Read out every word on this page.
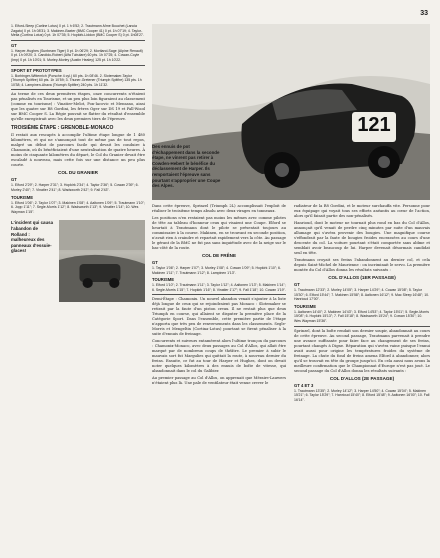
33
1. Elford-Sleep (Carline Lotus) 0 pt. 1 h 6'52; 2. Trautmann-Mme Bouchet (Lancia Zagato) 0 pt. 1h 08'31; 3. Makinen-Baxter (BMC Cooper 41) 0 pt. 1h 07'19; 4. Taylor-Melia (Cortina Lotus) 0 pt. 1h 07'35; 5. Hopkirk-Liddon (BMC Cooper S) 0 pt. 1h08'27.
GT
1. Harper-Hughes (Sunbeam Tiger) 0 pt. 1h 06'29; 2. Mortland-Sage (Alpine Renault) 0 pt. 1h 09'20; 3. Candido-Robert (Alfa Tubulare) 60 pts. 1h 07'25; 4. Cowan-Coyle (Imp) 0 pt. 1h 10'01; 5. Morley-Morley (Austin Healey) 125 pt. 1h 10'22.
SPORT ET PROTOTYPES
1. Borbinger-Wittenrich (Porsche 4 cyl.) 60 pts. 1h 08'46. 2. Slotemaker-Taylor (Triumph Spitfire) 60 pts. 1h 10'59; 3. Thuner-Gretener (Triumph Spitfire) 135 pts. 1h 10'38; 4. Lampinen-Ahava (Triumph Spitfire) 240 pts. 1h 11'32.

Au terme de ces deux premières étapes, onze concurrents n'étaient pas pénalisés en Tourisme, et un peu plus loin figuraient au classement (comme en tourisme) : Vinatier-Melot, Pon-Iacovic et Mensano, ainsi que les quatre sur R8 Gordini, les frères Oger sur DS 19 et Fall-Wood sur BMC Cooper S. La Régie pouvait se flatter du résultat d'ensemble qu'elle enregistrait avec les deux premiers tiers de l'épreuve.

TROISIÈME ÉTAPE : GRENOBLE-MONACO

Il restait aux rescapés à accomplir l'ultime étape longue de 1 480 kilomètres, et qui ne s'annonçait tout de même pas de tout repos, malgré un début de parcours facile qui devait les conduire à Chamonix, où ils bénéficiaient d'une neutralisation de quatre heures. À moins de cinquante kilomètres du départ, le Col du Granier devait être escaladé à nouveau, mais cette fois sur une distance un peu plus courte.

COL DU GRANIER
GT
1. Elford 2'29"; 2. Harper 2'31"; 3. Hopkirk 2'34"; 4. Taylor 2'36"; 5. Cowan 2'39"; 6. Morley 2'40"; 7. Vinatier 2'41"; 8. Wadsworth 2'42"; 9. Fall 2'43".
TOURISME
1. Elford 1'06"; 2. Taylor 1'07"; 3. Makinen 1'08"; 4. Aaltonen 1'09"; 5. Trautmann 1'10"; 6. Jopp 1'11"; 7. Segle-Morris 1'12"; 8. Wadsworth 1'13"; 9. Vinatier 1'14"; 10. Wes Wayman 1'15".
L'incident qui causa l'abandon de Rolland : malheureux des panneaux d'essuie-glaces!
121
Des ennuis de pot d'échappement dans la seconde étape, ne vinrent pas retirer à Cowden-Hebert le bénéfice du déclassement de Harper. Ils remportaient l'épreuve sans pourtant s'approprier une Coupe des Alpes.

Dans cette épreuve, Sprinzel (Triumph 2L) accomplissait l'exploit de réaliser le troisième temps absolu avec deux virages en tonneaux.

Les positions n'en restaient pas moins les mêmes avec comme pilotes de tête au tableau d'honneur ceux qui visaient une Coupe. Elford se heurtait à Trautmann dont le pilote se présentait toujours au commissaire à la course. Makinen, en se trouvant en seconde position, n'avait rien à craindre et repartait rapidement vers la côte. Au passage le gérant de la BMC ne fut pas sans inquiétude avec de la neige sur le bas-côté de la route.

COL DE FRÊNE
GT
1. Taylor 1'06"; 2. Harper 1'07"; 3. Morley 1'08"; 4. Cowan 1'09"; 5. Hopkirk 1'10"; 6. Makinen 1'11"; 7. Trautmann 1'12"; 8. Lampinen 1'13".
TOURISME
1. Elford 1'10"; 2. Trautmann 1'11"; 3. Taylor 1'12"; 4. Aaltonen 1'13"; 5. Makinen 1'14"; 6. Segle-Morris 1'15"; 7. Hopkirk 1'16"; 8. Vinatier 1'17"; 9. Fall 1'18"; 10. Cowan 1'19".

Demi-Étape : Chamonix. Un nouvel abandon venait s'ajouter à la liste déjà longue de ceux qui se rejoindraient pas Monaco : Slotemaker se retirait par la faute d'un piston creux. Il ne restait plus que deux Triumph en course, qui allaient se disputer la première place de la Catégorie Sport. Dans l'ensemble, cette première partie de l'étape n'apporta que très peu de renversements dans les classements. Segle-Morris et Mengeltin (Cortina-Lotus) pourtant se firent pénaliser à la suite d'ennuis de freinage.

Concurrents et suiveurs entamèrent alors l'ultime tronçon du parcours : Chamonix-Monaco, avec deux passages au Col d'Allos, qui allait être marqué par de nombreux coups de théâtre. Le premier à subir le mauvais sort fut Margulies qui quittait la route, à nouveau dernier du freins. Ensuite, ce fut au tour de Harper et Hughes, dont on devait noter quelques kilomètres à des ennuis de boîte de vitesse, qui abandonnait dans le col du Galibier.

Au premier passage au Col d'Allos, on apprenait que Méraire-Lauwers n'étaient plus là. Une pale de ventilateur était venue crever le

radiateur de la R8 Gordini, et le moteur surchauffa vite. Personne pour eux équipage qui voyait tous ses efforts anéantis au cœur de l'action, alors qu'il faisait partie des non-pénalisés.

Hanrioud, dont le moteur ne tournait plus rond en bas du Col d'Allos, annonçait qu'il venait de perdre cinq minutes par suite d'un mauvais allumage qui s'avéra provenir des bougies. Une magnifique course s'effondrait par la faute de bougies froides encrassées au cours d'une descente du col. La voiture pourtant s'était comportée sans abîme et semblait avoir beaucoup de lui. Harper devenait désormais candidat seul en tête.

Trautmann croyait ses freins l'abandonnent au dernier col, et cela depuis Saint-Michel de Maurienne : on incriminait le servo. La première montée du Col d'Allos donna les résultats suivants :

COL D'ALLOS (1ER PASSAGE)
GT
1. Trautmann 12'33"; 2. Morley 14'05"; 3. Harper 14'29"; 4. Cowan 15'08"; 5. Taylor 15'30"; 6. Elford 15'44"; 7. Makinen 15'58"; 8. Aaltonen 16'12"; 9. Mac Sleep 16'48"; 10. Hanrioud 17'00".
TOURISME
1. Aaltonen 14'40"; 2. Makinen 14'43"; 3. Elford 14'53"; 4. Taylor 15'01"; 5. Segle-Morris 15'08"; 6. Hopkirk 15'13"; 7. Fall 15'18"; 8. Wadsworth 15'24"; 9. Cowan 15'30"; 10. Wes Wayman 15'36".

Sprinzel, dont la boîte rendait son dernier soupir, abandonnait au cours de cette épreuve. Au second passage, Trautmann parvenait à prendre une avance suffisante pour faire face au changement de ses freins, pourtant changés à Digne. Réparation qui s'avéra vaine puisque l'ennui avait aussi pour origine les températures froides du système de freinage. La chute du fond de freins amena Elford à abandonner, alors qu'il se trouvait en tête du groupe jusqu'ici. En cela aussi nous avons la meilleure confirmation que le Championnat d'Europe n'est pas joué. Le second passage du Col d'Allos donna les résultats suivants :

COL D'ALLOS (2E PASSAGE)
GT 4 ET 3
1. Trautmann 13'35"; 2. Morley 14'12"; 3. Harper 14'50"; 4. Cowan 15'04"; 5. Makinen 15'21"; 6. Taylor 15'29"; 7. Hanrioud 15'40"; 8. Elford 15'48"; 9. Aaltonen 16'00"; 10. Fall 16'14".
